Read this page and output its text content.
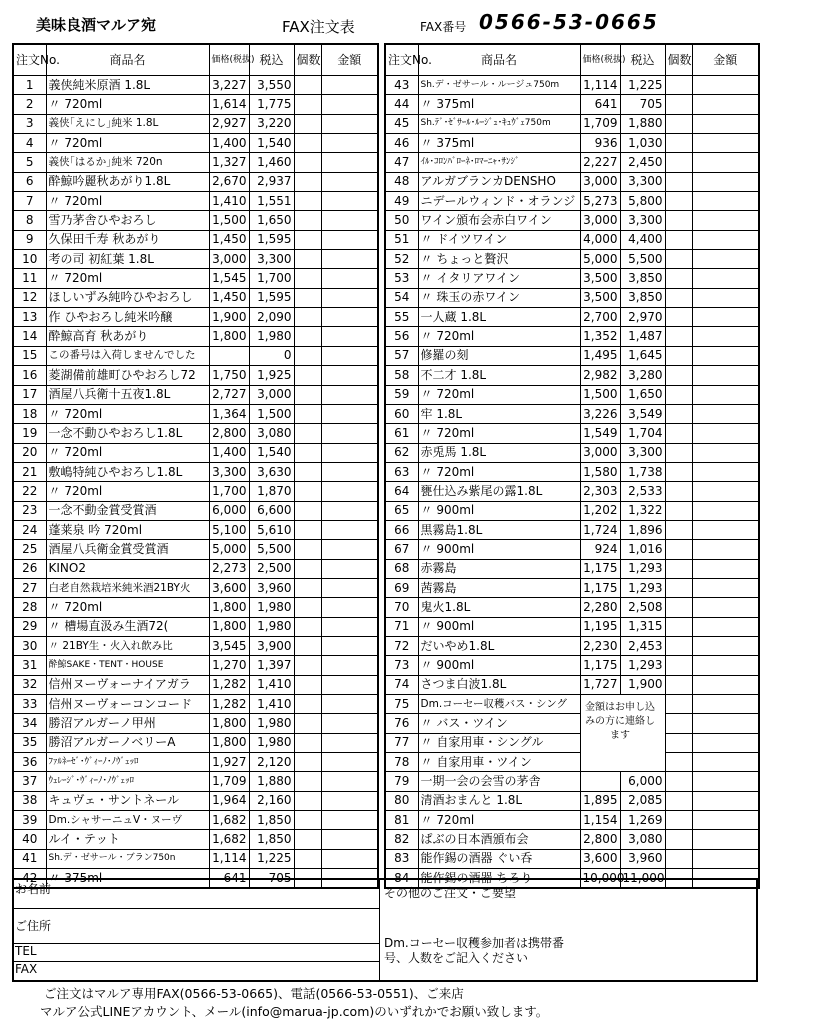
美味良酒マルア宛	FAX注文表	FAX番号 0566-53-0665
注文No.	商品名	価格(税抜)	税込	個数	金額
1	義侠純米原酒 1.8L	3,227	3,550		
2	〃 720ml	1,614	1,775		
3	義侠｢えにし｣純米 1.8L	2,927	3,220		
4	〃 720ml	1,400	1,540		
5	義侠｢はるか｣純米 720n	1,327	1,460		
6	酔鯨吟麗秋あがり1.8L	2,670	2,937		
7	〃 720ml	1,410	1,551		
8	雪乃茅舎ひやおろし	1,500	1,650		
9	久保田千寿 秋あがり	1,450	1,595		
10	考の司 初紅葉 1.8L	3,000	3,300		
11	〃 720ml	1,545	1,700		
12	ほしいずみ純吟ひやおろし	1,450	1,595		
13	作 ひやおろし純米吟醸	1,900	2,090		
14	酔鯨高育 秋あがり	1,800	1,980		
15	この番号は入荷しませんでした		0		
16	菱湖備前雄町ひやおろし72	1,750	1,925		
17	酒屋八兵衛十五夜1.8L	2,727	3,000		
18	〃 720ml	1,364	1,500		
19	一念不動ひやおろし1.8L	2,800	3,080		
20	〃 720ml	1,400	1,540		
21	敷嶋特純ひやおろし1.8L	3,300	3,630		
22	〃 720ml	1,700	1,870		
23	一念不動金賞受賞酒	6,000	6,600		
24	蓬莱泉 吟 720ml	5,100	5,610		
25	酒屋八兵衛金賞受賞酒	5,000	5,500		
26	KINO2	2,273	2,500		
27	白老自然栽培米純米酒21BY火	3,600	3,960		
28	〃 720ml	1,800	1,980		
29	〃 槽場直汲み生酒72(	1,800	1,980		
30	〃 21BY生・火入れ飲み比	3,545	3,900		
31	酔鯨SAKE・TENT・HOUSE	1,270	1,397		
32	信州ヌーヴォーナイアガラ	1,282	1,410		
33	信州ヌーヴォーコンコード	1,282	1,410		
34	勝沼アルガーノ甲州	1,800	1,980		
35	勝沼アルガーノベリーA	1,800	1,980		
36	ﾌｧﾙﾈｰｾﾞ･ｳﾞｨｰﾉ･ﾉｳﾞｪｯﾛ	1,927	2,120		
37	ｳｪﾚｰｼﾞ･ｳﾞｨｰﾉ･ﾉｳﾞｪｯﾛ	1,709	1,880		
38	キュヴェ・サントネール	1,964	2,160		
39	Dm.シャサーニュV・ヌーヴ	1,682	1,850		
40	ルイ・テット	1,682	1,850		
41	Sh.デ・ゼサール・ブラン750n	1,114	1,225		
42	〃 375ml	641	705		
注文No.	商品名	価格(税抜)	税込	個数	金額
43	Sh.デ・ゼサール・ルージュ750m	1,114	1,225		
44	〃 375ml	641	705		
45	Sh.ﾃﾞ･ｾﾞｻｰﾙ･ﾙｰｼﾞｭ･ｷｭｳﾞｪ750m	1,709	1,880		
46	〃 375ml	936	1,030		
47	ｲﾙ･ｺﾛﾝﾊﾞﾛｰﾈ･ﾛﾏｰﾆｬ･ｻﾝｼﾞ	2,227	2,450		
48	アルガブランカDENSHO	3,000	3,300		
49	ニデールウィンド・オランジ	5,273	5,800		
50	ワイン頒布会赤白ワイン	3,000	3,300		
51	〃 ドイツワイン	4,000	4,400		
52	〃 ちょっと贅沢	5,000	5,500		
53	〃 イタリアワイン	3,500	3,850		
54	〃 珠玉の赤ワイン	3,500	3,850		
55	一人蔵 1.8L	2,700	2,970		
56	〃 720ml	1,352	1,487		
57	修羅の刻	1,495	1,645		
58	不二才 1.8L	2,982	3,280		
59	〃 720ml	1,500	1,650		
60	牢 1.8L	3,226	3,549		
61	〃 720ml	1,549	1,704		
62	赤兎馬 1.8L	3,000	3,300		
63	〃 720ml	1,580	1,738		
64	甕仕込み紫尾の露1.8L	2,303	2,533		
65	〃 900ml	1,202	1,322		
66	黒霧島1.8L	1,724	1,896		
67	〃 900ml	924	1,016		
68	赤霧島	1,175	1,293		
69	茜霧島	1,175	1,293		
70	鬼火1.8L	2,280	2,508		
71	〃 900ml	1,195	1,315		
72	だいやめ1.8L	2,230	2,453		
73	〃 900ml	1,175	1,293		
74	さつま白波1.8L	1,727	1,900		
75	Dm.コーセー収穫バス・シング				
76	〃 バス・ツイン				
77	〃 自家用車・シングル				
78	〃 自家用車・ツイン				
79	一期一会の会雪の茅舎		6,000		
80	清酒おまんと 1.8L	1,895	2,085		
81	〃 720ml	1,154	1,269		
82	ぱぶの日本酒頒布会	2,800	3,080		
83	能作錫の酒器 ぐい呑	3,600	3,960		
84	能作錫の酒器 ちろり	10,000	11,000		
お名前
ご住所
TEL
FAX
その他のご注文・ご要望
Dm.コーセー収穫参加者は携帯番号、人数をご記入ください
ご注文はマルア専用FAX(0566-53-0665)、電話(0566-53-0551)、ご来店
マルア公式LINEアカウント、メール(info@marua-jp.com)のいずれかでお願い致します。
金額はお申し込みの方に連絡します
